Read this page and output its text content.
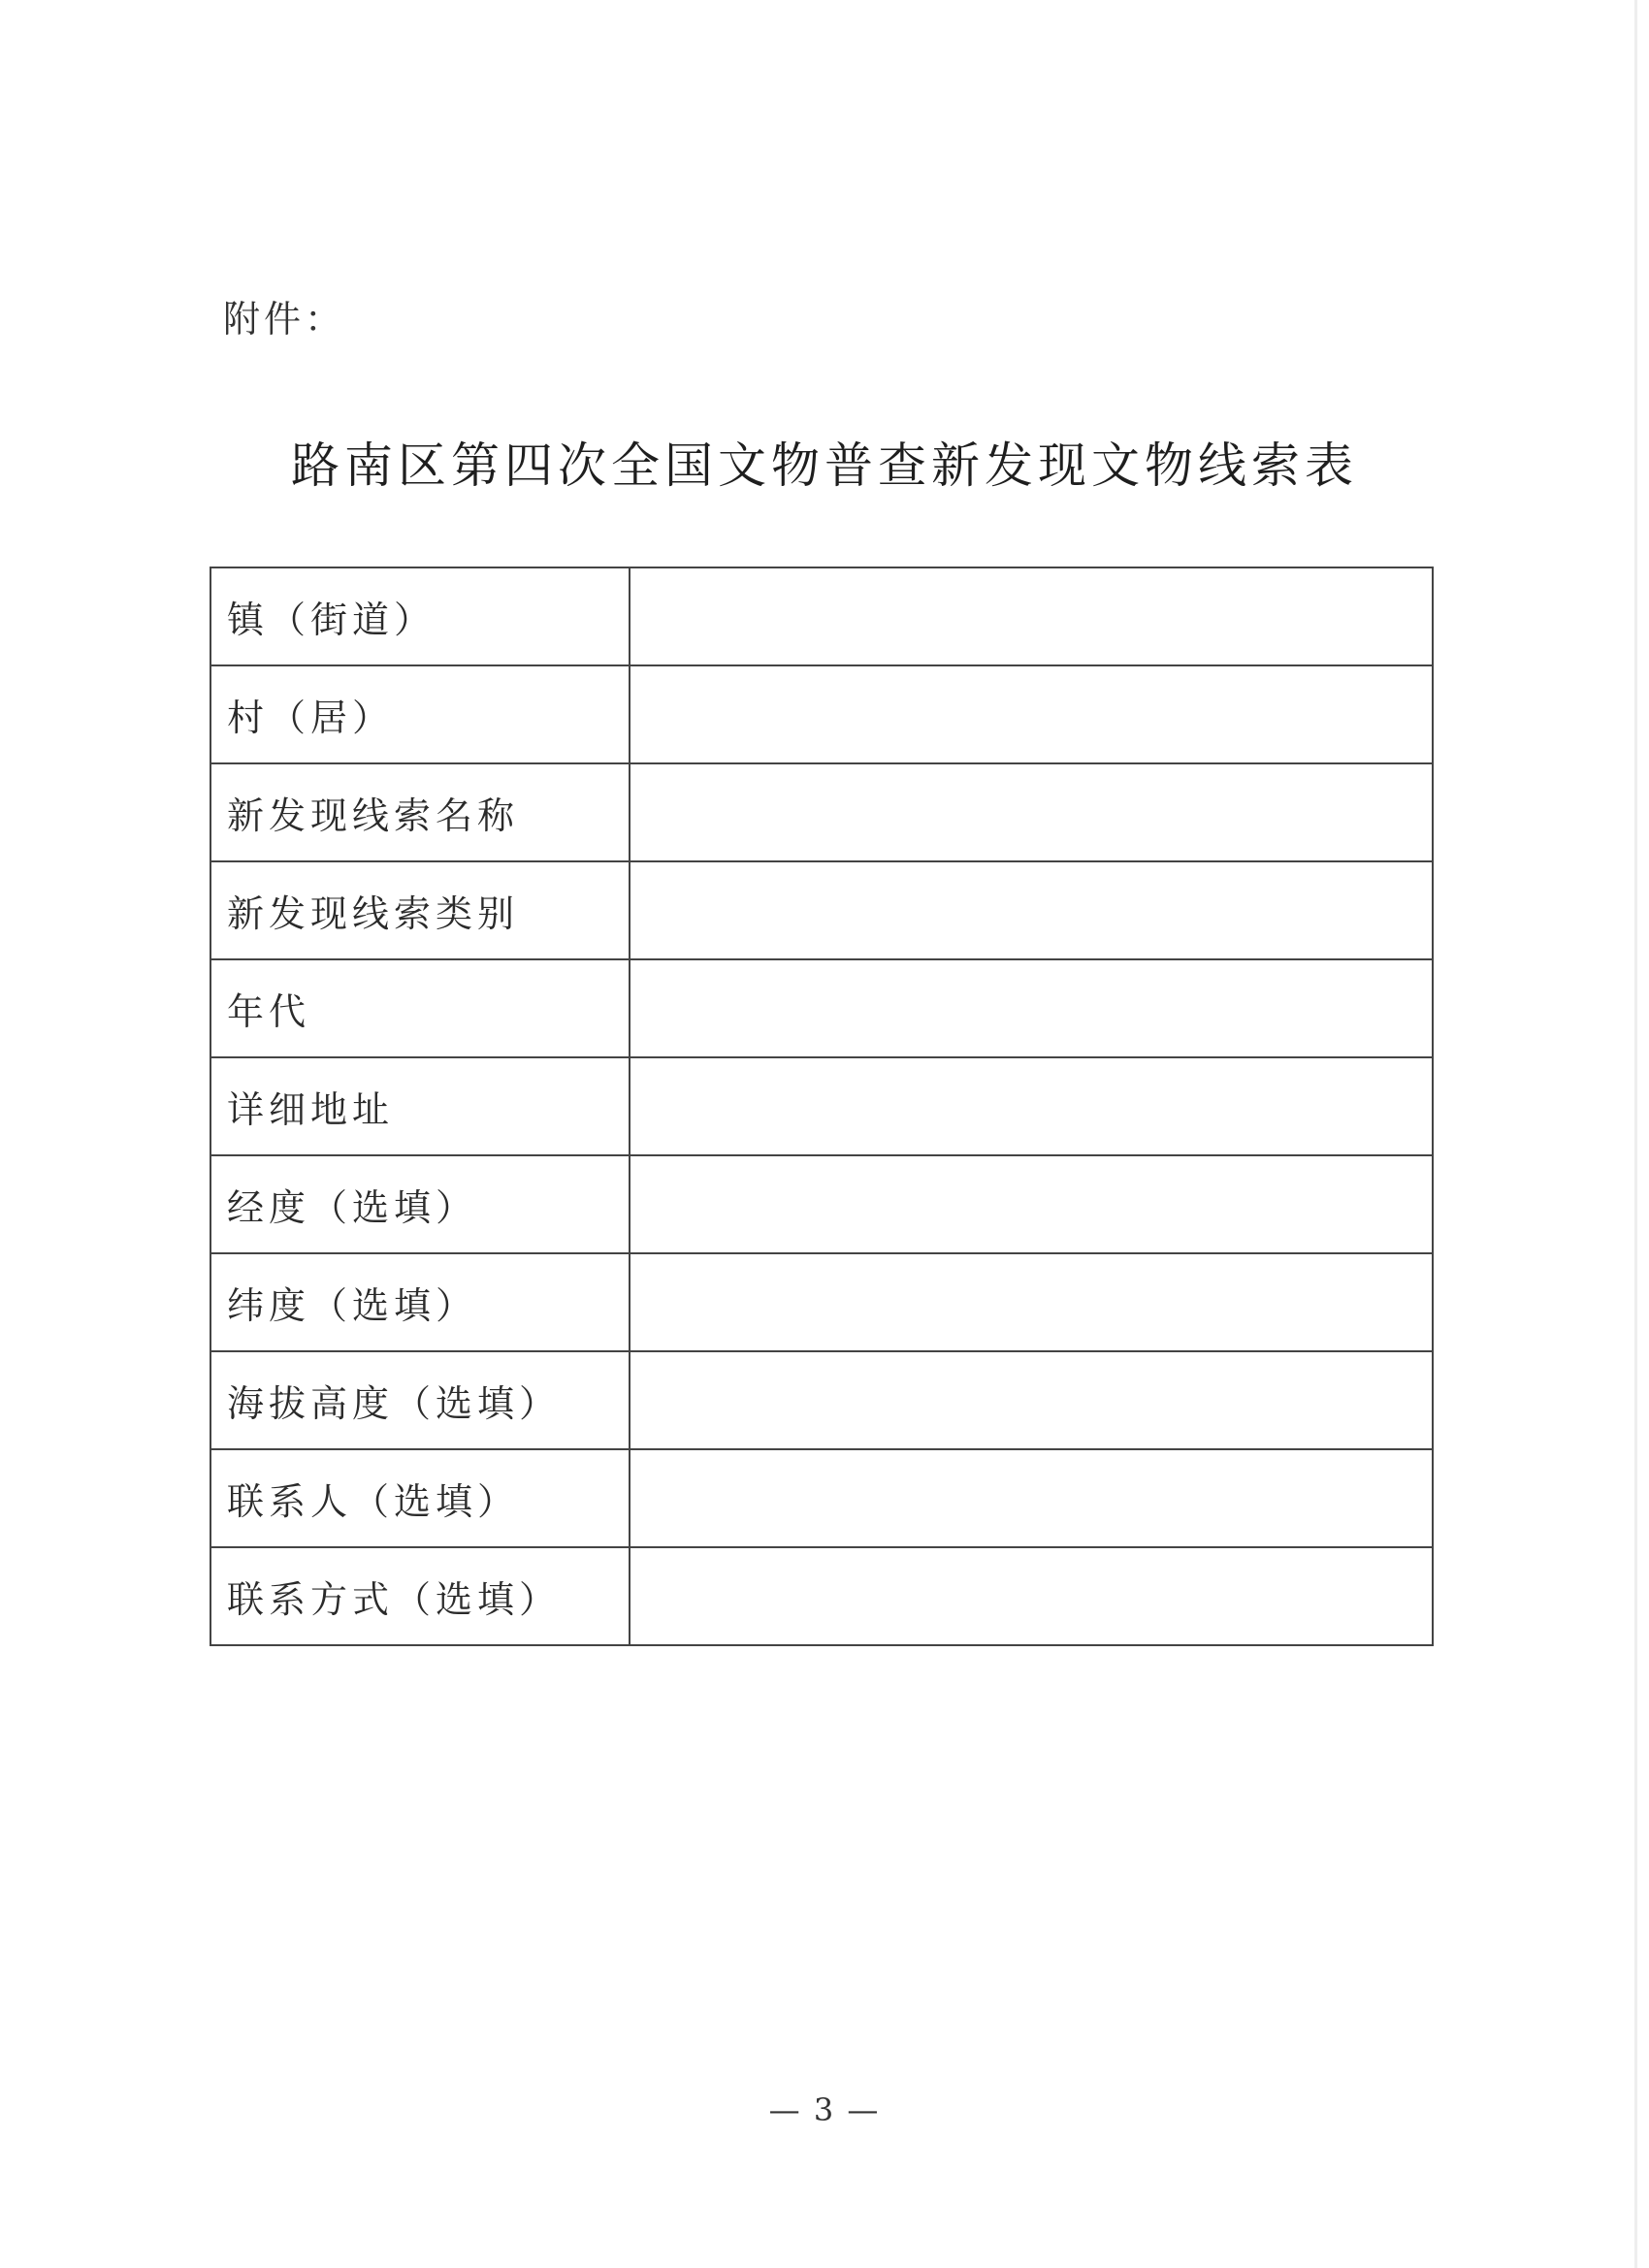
附件：
路南区第四次全国文物普查新发现文物线索表
镇（街道）	
村（居）	
新发现线索名称	
新发现线索类别	
年代	
详细地址	
经度（选填）	
纬度（选填）	
海拔高度（选填）	
联系人（选填）	
联系方式（选填）	
— 3 —
